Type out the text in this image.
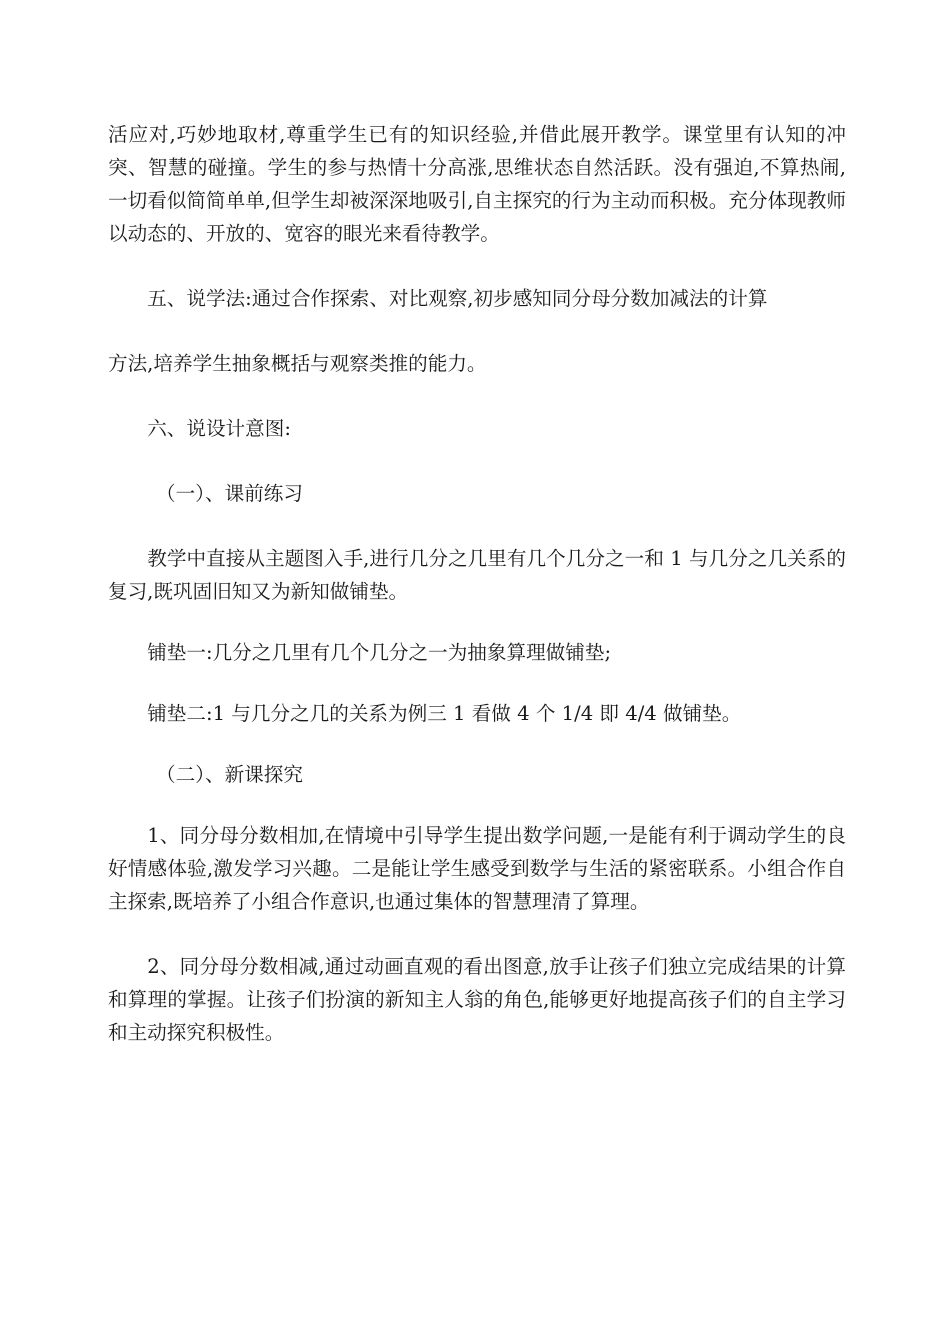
活应对,巧妙地取材,尊重学生已有的知识经验,并借此展开教学。课堂里有认知的冲突、智慧的碰撞。学生的参与热情十分高涨,思维状态自然活跃。没有强迫,不算热闹,一切看似简简单单,但学生却被深深地吸引,自主探究的行为主动而积极。充分体现教师以动态的、开放的、宽容的眼光来看待教学。

五、说学法:通过合作探索、对比观察,初步感知同分母分数加减法的计算

方法,培养学生抽象概括与观察类推的能力。

六、说设计意图:

（一）、课前练习

教学中直接从主题图入手,进行几分之几里有几个几分之一和 1 与几分之几关系的复习,既巩固旧知又为新知做铺垫。

铺垫一:几分之几里有几个几分之一为抽象算理做铺垫;

铺垫二:1 与几分之几的关系为例三 1 看做 4 个 1/4 即 4/4 做铺垫。

（二）、新课探究

1、同分母分数相加,在情境中引导学生提出数学问题,一是能有利于调动学生的良好情感体验,激发学习兴趣。二是能让学生感受到数学与生活的紧密联系。小组合作自主探索,既培养了小组合作意识,也通过集体的智慧理清了算理。

2、同分母分数相减,通过动画直观的看出图意,放手让孩子们独立完成结果的计算和算理的掌握。让孩子们扮演的新知主人翁的角色,能够更好地提高孩子们的自主学习和主动探究积极性。
